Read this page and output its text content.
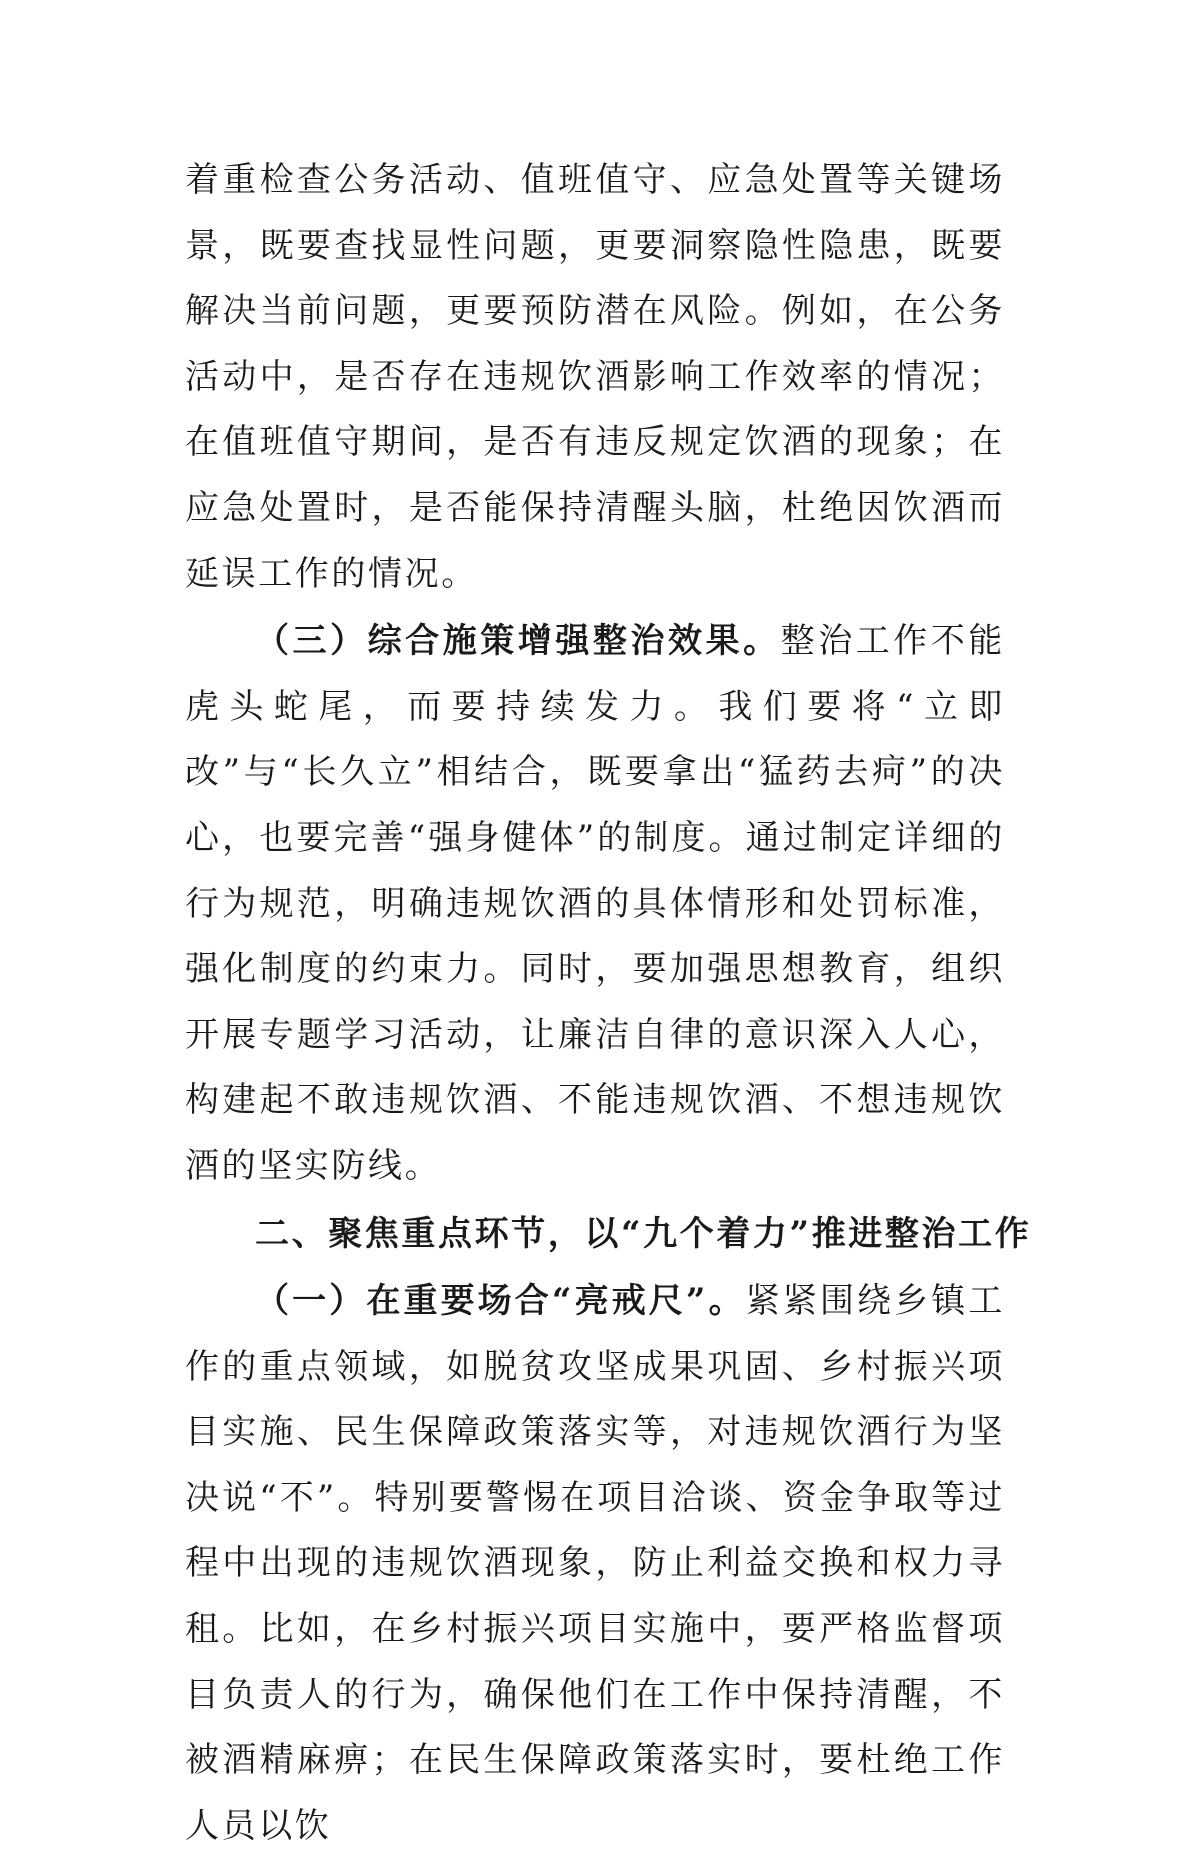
着重检查公务活动、值班值守、应急处置等关键场景，既要查找显性问题，更要洞察隐性隐患，既要解决当前问题，更要预防潜在风险。例如，在公务活动中，是否存在违规饮酒影响工作效率的情况；在值班值守期间，是否有违反规定饮酒的现象；在应急处置时，是否能保持清醒头脑，杜绝因饮酒而延误工作的情况。

（三）综合施策增强整治效果。整治工作不能虎头蛇尾，而要持续发力。我们要将“立即改”与“长久立”相结合，既要拿出“猛药去疴”的决心，也要完善“强身健体”的制度。通过制定详细的行为规范，明确违规饮酒的具体情形和处罚标准，强化制度的约束力。同时，要加强思想教育，组织开展专题学习活动，让廉洁自律的意识深入人心，构建起不敢违规饮酒、不能违规饮酒、不想违规饮酒的坚实防线。

二、聚焦重点环节，以“九个着力”推进整治工作

（一）在重要场合“亮戒尺”。紧紧围绕乡镇工作的重点领域，如脱贫攻坚成果巩固、乡村振兴项目实施、民生保障政策落实等，对违规饮酒行为坚决说“不”。特别要警惕在项目洽谈、资金争取等过程中出现的违规饮酒现象，防止利益交换和权力寻租。比如，在乡村振兴项目实施中，要严格监督项目负责人的行为，确保他们在工作中保持清醒，不被酒精麻痹；在民生保障政策落实时，要杜绝工作人员以饮
